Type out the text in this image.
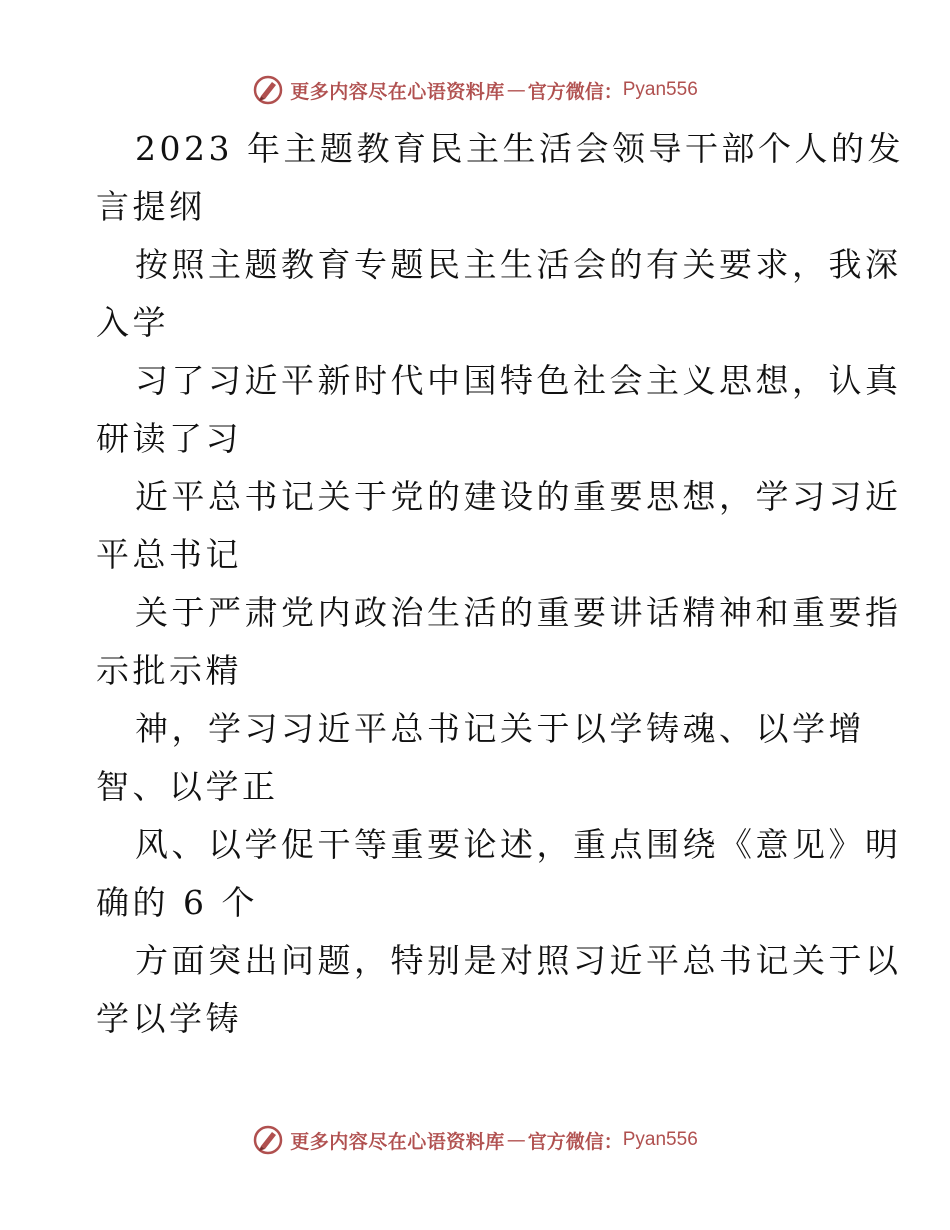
更多内容尽在心语资料库 — 官方微信： Pyan556
2023 年主题教育民主生活会领导干部个人的发
言提纲
按照主题教育专题民主生活会的有关要求，我深
入学
习了习近平新时代中国特色社会主义思想，认真
研读了习
近平总书记关于党的建设的重要思想，学习习近
平总书记
关于严肃党内政治生活的重要讲话精神和重要指
示批示精
神，学习习近平总书记关于以学铸魂、以学增
智、以学正
风、以学促干等重要论述，重点围绕《意见》明
确的 6 个
方面突出问题，特别是对照习近平总书记关于以
学以学铸
更多内容尽在心语资料库 — 官方微信： Pyan556
